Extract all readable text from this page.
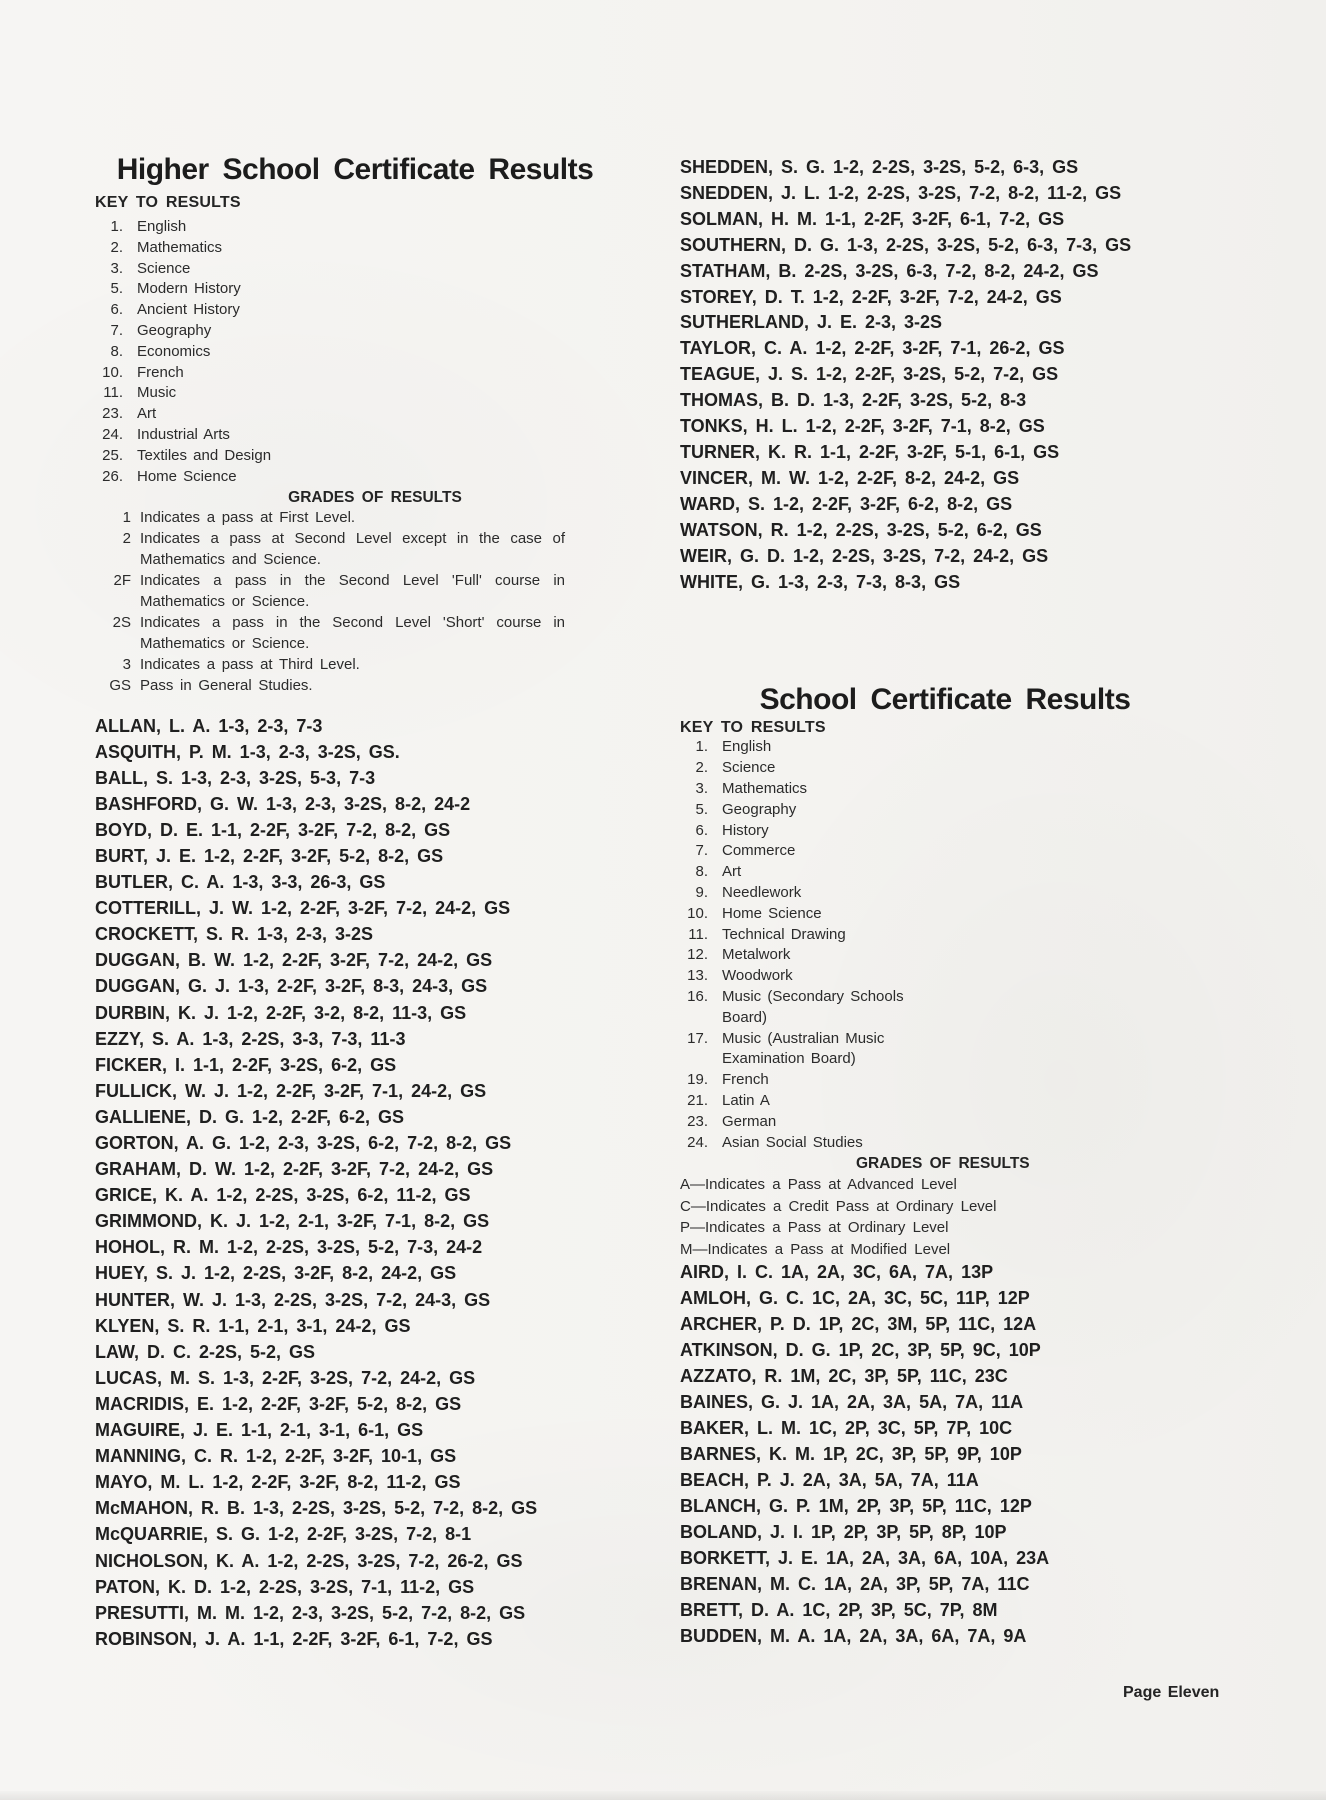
Higher School Certificate Results
KEY TO RESULTS
1. English
2. Mathematics
3. Science
5. Modern History
6. Ancient History
7. Geography
8. Economics
10. French
11. Music
23. Art
24. Industrial Arts
25. Textiles and Design
26. Home Science
GRADES OF RESULTS
1 Indicates a pass at First Level.
2 Indicates a pass at Second Level except in the case of Mathematics and Science.
2F Indicates a pass in the Second Level 'Full' course in Mathematics or Science.
2S Indicates a pass in the Second Level 'Short' course in Mathematics or Science.
3 Indicates a pass at Third Level.
GS Pass in General Studies.
ALLAN, L. A. 1-3, 2-3, 7-3
ASQUITH, P. M. 1-3, 2-3, 3-2S, GS.
BALL, S. 1-3, 2-3, 3-2S, 5-3, 7-3
BASHFORD, G. W. 1-3, 2-3, 3-2S, 8-2, 24-2
BOYD, D. E. 1-1, 2-2F, 3-2F, 7-2, 8-2, GS
BURT, J. E. 1-2, 2-2F, 3-2F, 5-2, 8-2, GS
BUTLER, C. A. 1-3, 3-3, 26-3, GS
COTTERILL, J. W. 1-2, 2-2F, 3-2F, 7-2, 24-2, GS
CROCKETT, S. R. 1-3, 2-3, 3-2S
DUGGAN, B. W. 1-2, 2-2F, 3-2F, 7-2, 24-2, GS
DUGGAN, G. J. 1-3, 2-2F, 3-2F, 8-3, 24-3, GS
DURBIN, K. J. 1-2, 2-2F, 3-2, 8-2, 11-3, GS
EZZY, S. A. 1-3, 2-2S, 3-3, 7-3, 11-3
FICKER, I. 1-1, 2-2F, 3-2S, 6-2, GS
FULLICK, W. J. 1-2, 2-2F, 3-2F, 7-1, 24-2, GS
GALLIENE, D. G. 1-2, 2-2F, 6-2, GS
GORTON, A. G. 1-2, 2-3, 3-2S, 6-2, 7-2, 8-2, GS
GRAHAM, D. W. 1-2, 2-2F, 3-2F, 7-2, 24-2, GS
GRICE, K. A. 1-2, 2-2S, 3-2S, 6-2, 11-2, GS
GRIMMOND, K. J. 1-2, 2-1, 3-2F, 7-1, 8-2, GS
HOHOL, R. M. 1-2, 2-2S, 3-2S, 5-2, 7-3, 24-2
HUEY, S. J. 1-2, 2-2S, 3-2F, 8-2, 24-2, GS
HUNTER, W. J. 1-3, 2-2S, 3-2S, 7-2, 24-3, GS
KLYEN, S. R. 1-1, 2-1, 3-1, 24-2, GS
LAW, D. C. 2-2S, 5-2, GS
LUCAS, M. S. 1-3, 2-2F, 3-2S, 7-2, 24-2, GS
MACRIDIS, E. 1-2, 2-2F, 3-2F, 5-2, 8-2, GS
MAGUIRE, J. E. 1-1, 2-1, 3-1, 6-1, GS
MANNING, C. R. 1-2, 2-2F, 3-2F, 10-1, GS
MAYO, M. L. 1-2, 2-2F, 3-2F, 8-2, 11-2, GS
McMAHON, R. B. 1-3, 2-2S, 3-2S, 5-2, 7-2, 8-2, GS
McQUARRIE, S. G. 1-2, 2-2F, 3-2S, 7-2, 8-1
NICHOLSON, K. A. 1-2, 2-2S, 3-2S, 7-2, 26-2, GS
PATON, K. D. 1-2, 2-2S, 3-2S, 7-1, 11-2, GS
PRESUTTI, M. M. 1-2, 2-3, 3-2S, 5-2, 7-2, 8-2, GS
ROBINSON, J. A. 1-1, 2-2F, 3-2F, 6-1, 7-2, GS
SHEDDEN, S. G. 1-2, 2-2S, 3-2S, 5-2, 6-3, GS
SNEDDEN, J. L. 1-2, 2-2S, 3-2S, 7-2, 8-2, 11-2, GS
SOLMAN, H. M. 1-1, 2-2F, 3-2F, 6-1, 7-2, GS
SOUTHERN, D. G. 1-3, 2-2S, 3-2S, 5-2, 6-3, 7-3, GS
STATHAM, B. 2-2S, 3-2S, 6-3, 7-2, 8-2, 24-2, GS
STOREY, D. T. 1-2, 2-2F, 3-2F, 7-2, 24-2, GS
SUTHERLAND, J. E. 2-3, 3-2S
TAYLOR, C. A. 1-2, 2-2F, 3-2F, 7-1, 26-2, GS
TEAGUE, J. S. 1-2, 2-2F, 3-2S, 5-2, 7-2, GS
THOMAS, B. D. 1-3, 2-2F, 3-2S, 5-2, 8-3
TONKS, H. L. 1-2, 2-2F, 3-2F, 7-1, 8-2, GS
TURNER, K. R. 1-1, 2-2F, 3-2F, 5-1, 6-1, GS
VINCER, M. W. 1-2, 2-2F, 8-2, 24-2, GS
WARD, S. 1-2, 2-2F, 3-2F, 6-2, 8-2, GS
WATSON, R. 1-2, 2-2S, 3-2S, 5-2, 6-2, GS
WEIR, G. D. 1-2, 2-2S, 3-2S, 7-2, 24-2, GS
WHITE, G. 1-3, 2-3, 7-3, 8-3, GS
School Certificate Results
KEY TO RESULTS
1. English
2. Science
3. Mathematics
5. Geography
6. History
7. Commerce
8. Art
9. Needlework
10. Home Science
11. Technical Drawing
12. Metalwork
13. Woodwork
16. Music (Secondary Schools Board)
17. Music (Australian Music Examination Board)
19. French
21. Latin A
23. German
24. Asian Social Studies
GRADES OF RESULTS
A—Indicates a Pass at Advanced Level
C—Indicates a Credit Pass at Ordinary Level
P—Indicates a Pass at Ordinary Level
M—Indicates a Pass at Modified Level
AIRD, I. C. 1A, 2A, 3C, 6A, 7A, 13P
AMLOH, G. C. 1C, 2A, 3C, 5C, 11P, 12P
ARCHER, P. D. 1P, 2C, 3M, 5P, 11C, 12A
ATKINSON, D. G. 1P, 2C, 3P, 5P, 9C, 10P
AZZATO, R. 1M, 2C, 3P, 5P, 11C, 23C
BAINES, G. J. 1A, 2A, 3A, 5A, 7A, 11A
BAKER, L. M. 1C, 2P, 3C, 5P, 7P, 10C
BARNES, K. M. 1P, 2C, 3P, 5P, 9P, 10P
BEACH, P. J. 2A, 3A, 5A, 7A, 11A
BLANCH, G. P. 1M, 2P, 3P, 5P, 11C, 12P
BOLAND, J. I. 1P, 2P, 3P, 5P, 8P, 10P
BORKETT, J. E. 1A, 2A, 3A, 6A, 10A, 23A
BRENAN, M. C. 1A, 2A, 3P, 5P, 7A, 11C
BRETT, D. A. 1C, 2P, 3P, 5C, 7P, 8M
BUDDEN, M. A. 1A, 2A, 3A, 6A, 7A, 9A
Page Eleven
